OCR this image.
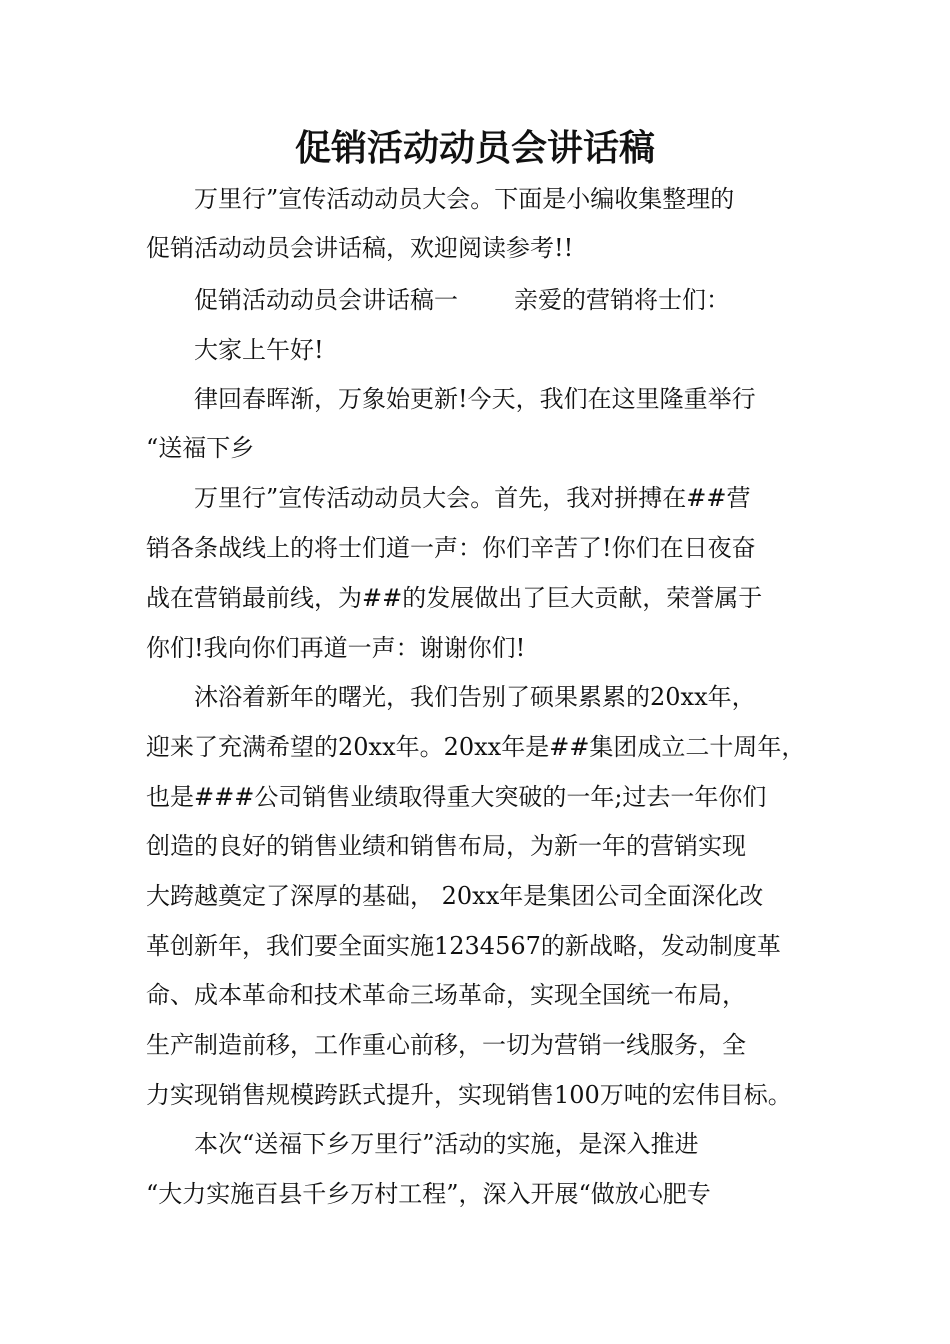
促销活动动员会讲话稿

万里行”宣传活动动员大会。下面是小编收集整理的

促销活动动员会讲话稿，欢迎阅读参考!!

促销活动动员会讲话稿一 亲爱的营销将士们：

大家上午好!

律回春晖渐，万象始更新!今天，我们在这里隆重举行

“送福下乡

万里行”宣传活动动员大会。首先，我对拼搏在##营

销各条战线上的将士们道一声：你们辛苦了!你们在日夜奋

战在营销最前线，为##的发展做出了巨大贡献，荣誉属于

你们!我向你们再道一声：谢谢你们!

沐浴着新年的曙光，我们告别了硕果累累的20xx年，

迎来了充满希望的20xx年。20xx年是##集团成立二十周年，

也是###公司销售业绩取得重大突破的一年;过去一年你们

创造的良好的销售业绩和销售布局，为新一年的营销实现

大跨越奠定了深厚的基础， 20xx年是集团公司全面深化改

革创新年，我们要全面实施1234567的新战略，发动制度革

命、成本革命和技术革命三场革命，实现全国统一布局，

生产制造前移，工作重心前移，一切为营销一线服务，全

力实现销售规模跨跃式提升，实现销售100万吨的宏伟目标。

本次“送福下乡万里行”活动的实施，是深入推进

“大力实施百县千乡万村工程”，深入开展“做放心肥专
